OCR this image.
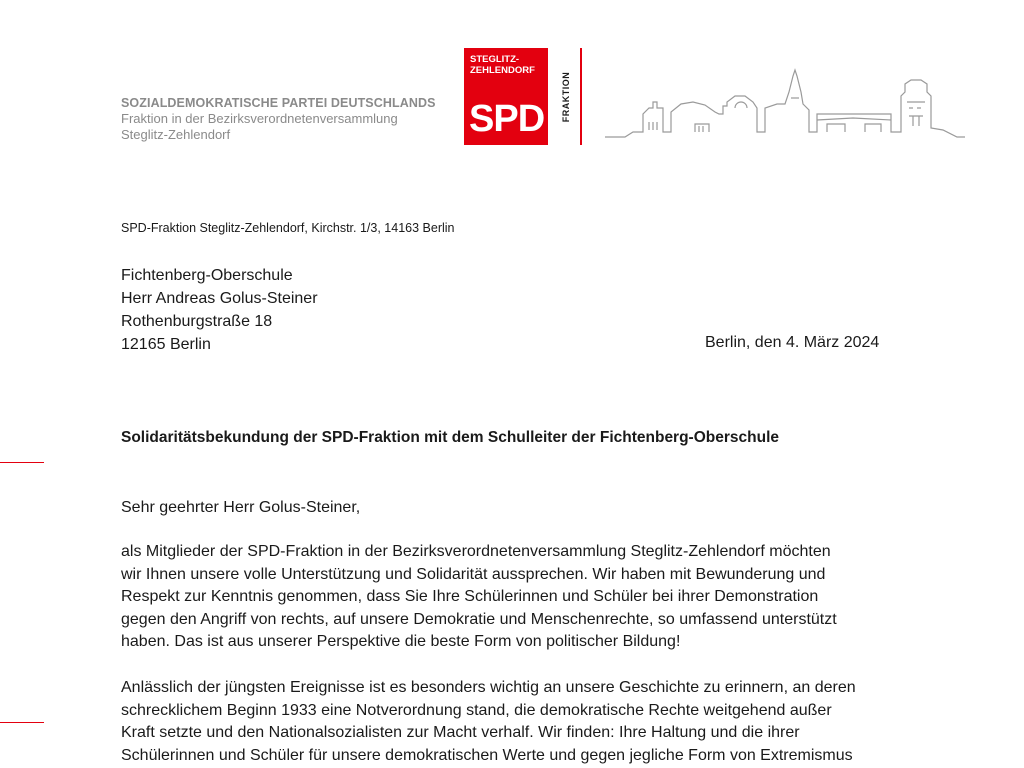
SOZIALDEMOKRATISCHE PARTEI DEUTSCHLANDS
Fraktion in der Bezirksverordnetenversammlung
Steglitz-Zehlendorf
STEGLITZ-
ZEHLENDORF
SPD FRAKTION
SPD-Fraktion Steglitz-Zehlendorf, Kirchstr. 1/3, 14163 Berlin
Fichtenberg-Oberschule
Herr Andreas Golus-Steiner
Rothenburgstraße 18
12165 Berlin	Berlin, den 4. März 2024
Solidaritätsbekundung der SPD-Fraktion mit dem Schulleiter der Fichtenberg-Oberschule
Sehr geehrter Herr Golus-Steiner,
als Mitglieder der SPD-Fraktion in der Bezirksverordnetenversammlung Steglitz-Zehlendorf möchten
wir Ihnen unsere volle Unterstützung und Solidarität aussprechen. Wir haben mit Bewunderung und
Respekt zur Kenntnis genommen, dass Sie Ihre Schülerinnen und Schüler bei ihrer Demonstration
gegen den Angriff von rechts, auf unsere Demokratie und Menschenrechte, so umfassend unterstützt
haben. Das ist aus unserer Perspektive die beste Form von politischer Bildung!
Anlässlich der jüngsten Ereignisse ist es besonders wichtig an unsere Geschichte zu erinnern, an deren
schrecklichem Beginn 1933 eine Notverordnung stand, die demokratische Rechte weitgehend außer
Kraft setzte und den Nationalsozialisten zur Macht verhalf. Wir finden: Ihre Haltung und die ihrer
Schülerinnen und Schüler für unsere demokratischen Werte und gegen jegliche Form von Extremismus
